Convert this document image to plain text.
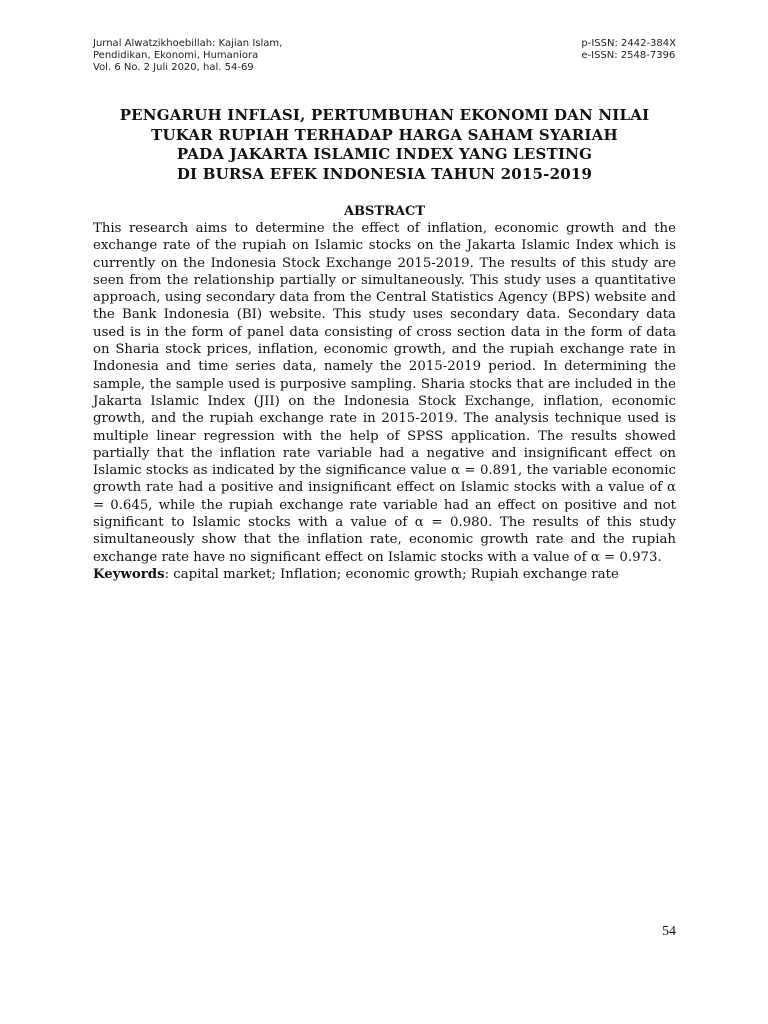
Jurnal Alwatzikhoebillah: Kajian Islam,
Pendidikan, Ekonomi, Humaniora
Vol. 6 No. 2 Juli 2020, hal. 54-69
p-ISSN: 2442-384X
e-ISSN: 2548-7396
PENGARUH INFLASI, PERTUMBUHAN EKONOMI DAN NILAI
TUKAR RUPIAH TERHADAP HARGA SAHAM SYARIAH
PADA JAKARTA ISLAMIC INDEX YANG LESTING
DI BURSA EFEK INDONESIA TAHUN 2015-2019
ABSTRACT

This research aims to determine the effect of inflation, economic growth and the exchange rate of the rupiah on Islamic stocks on the Jakarta Islamic Index which is currently on the Indonesia Stock Exchange 2015-2019. The results of this study are seen from the relationship partially or simultaneously. This study uses a quantitative approach, using secondary data from the Central Statistics Agency (BPS) website and the Bank Indonesia (BI) website. This study uses secondary data. Secondary data used is in the form of panel data consisting of cross section data in the form of data on Sharia stock prices, inflation, economic growth, and the rupiah exchange rate in Indonesia and time series data, namely the 2015-2019 period. In determining the sample, the sample used is purposive sampling. Sharia stocks that are included in the Jakarta Islamic Index (JII) on the Indonesia Stock Exchange, inflation, economic growth, and the rupiah exchange rate in 2015-2019. The analysis technique used is multiple linear regression with the help of SPSS application. The results showed partially that the inflation rate variable had a negative and insignificant effect on Islamic stocks as indicated by the significance value α = 0.891, the variable economic growth rate had a positive and insignificant effect on Islamic stocks with a value of α = 0.645, while the rupiah exchange rate variable had an effect on positive and not significant to Islamic stocks with a value of α = 0.980. The results of this study simultaneously show that the inflation rate, economic growth rate and the rupiah exchange rate have no significant effect on Islamic stocks with a value of α = 0.973.

Keywords: capital market; Inflation; economic growth; Rupiah exchange rate

54
